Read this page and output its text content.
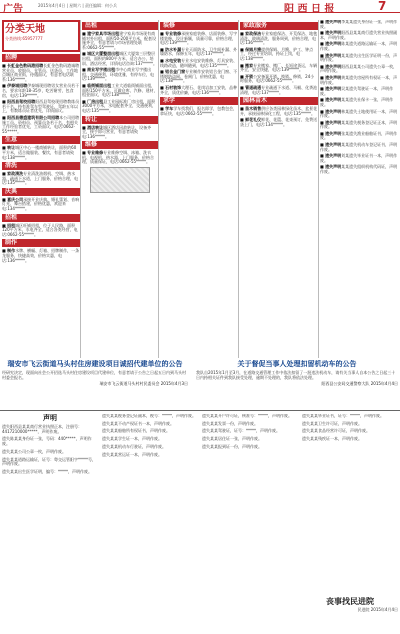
广告	2015年4月4日 | 星期六 | 责任编辑：何小兵	阳 西 日 报	7
分类天地
分类热线:65957777
招聘
■ 长虹金色数码港招聘长虹金色数码港诚聘营业员、收银员、仓管员、送货员，工作地点城区商业街，待遇面议，有意者电话联系:136*****。
■ 伊泰城招聘伊泰城现招聘男女营业员若干名，要求年龄18-35岁，吃苦耐劳，包食宿，电话:139*****。
■ 阳西县驾校招聘阳西县驾校现招聘教练员若干名，持有准驾车型驾驶证，驾龄五年以上，有教练员证者优先，详情面议。
■ 阳西县德盛建筑有限公司招聘本公司招聘施工员、资料员、预算员各若干名，有相关工作经验者优先，工资面议，电话:0662-55*****。
生意
■ 转让城区中心一楼商铺转让，面积约60平方米，适合做服装、餐饮，有意者请致电:138*****。
清洗
■ 家政清洗专业清洗油烟机、空调、热水器，疏通下水道，上门服务，价格合理，电话:135*****。
庆典
■ 喜庆公司承接开业庆典、婚礼策划、音响灯光、舞台搭建，价格优惠，欢迎来电:134*****。
招租
■ 招租城区旺铺招租，位于人民路，面积120平方米，水电齐全，适合各类经营，电话:0662-55*****。
制作
■ 制作水牌、横幅、灯箱、招牌制作，一条龙服务，快捷高效，价格实惠，电话:136*****。
出租
■ 建宁家具市场出租建宁家具市场现有商铺对外出租，面积50-200平方米，配套设施齐全，有意者请与市场管理处联系:0662-55*****。
■ 城区大厦整层出租城区大厦第三层整层出租，面积约800平方米，适合办公、培训、酒店经营，详情电话咨询:137*****。
■ 商业写字楼出租市中心商业写字楼出租，交通便利，环境优雅，有停车位，电话:139*****。
■ 临街铺面出租工业大道临街铺面出租，面积150平方米，可做仓库、汽修、建材，租金面议，电话:138*****。
■ 厂房出租县工业园标准厂房出租，面积3000平方米，水电配套齐全，交通便利，电话:135*****。
转让
■ 酒店转让城区酒店因故转让，设备齐全，接手即可营业，有意者请致电:136*****。
维修
■ 专业维修专业维修空调、冰箱、洗衣机、电视机、热水器，上门服务，价格合理，质量保证，电话:0662-55*****。
装修
■ 专业装修承接家庭装修、店面装修、写字楼装修，设计新颖，质量可靠，价格合理，电话:139*****。
■ 防水补漏专业天面防水、卫生间补漏、外墙防水，保修五年，电话:137*****。
■ 水电安装专业水电安装维修、灯具安装、线路改造，随叫随到，电话:135*****。
■ 铝合金门窗专业制作安装铝合金门窗、不锈钢防盗网、卷闸门，价格优惠，电话:138*****。
■ 石材装饰大理石、花岗岩加工安装，品种齐全，质优价廉，电话:136*****。
求学
■ 学车学车找我们，报名即学，包教包会，拿证快，电话:0662-55*****。
家政服务
■ 家政保洁专业家庭保洁、开荒保洁、地毯清洗、玻璃清洗，服务周到，价格合理，电话:136*****。
■ 保姆月嫂提供保姆、月嫂、护工、钟点工，经过专业培训，持证上岗，电话:138*****。
■ 搬家专业搬家、搬厂、长短途货运，车辆齐全，安全快捷，电话:139*****。
■ 开锁公安备案开锁、换锁、修锁，24小时服务，电话:0662-55*****。
■ 管道疏通专业疏通下水道、马桶、化粪池清理，电话:137*****。
园林苗木
■ 苗木销售供应各类园林绿化苗木、盆景花卉，承接园林绿化工程，电话:135*****。
■ 鲜花礼仪鲜花、花篮、花束预订，免费送货上门，电话:134*****。
■ 遗失声明李某某遗失身份证一张，声明作废。
■ 遗失声明阳西县某某商行遗失营业执照副本，声明作废。
■ 遗失声明陈某遗失道路运输证一本，声明作废。
■ 遗失声明某某遗失出生医学证明一份，声明作废。
■ 遗失声明阳西县某某公司遗失公章一枚，声明作废。
■ 遗失声明黄某遗失房屋所有权证一本，声明作废。
■ 遗失声明吴某遗失驾驶证一本，声明作废。
■ 遗失声明某某遗失社保卡一张，声明作废。
■ 遗失声明林某遗失土地使用证一本，声明作废。
■ 遗失声明某某遗失税务登记证正本，声明作废。
■ 遗失声明张某遗失渔业船舶证书，声明作废。
■ 遗失声明某某遗失机动车登记证书，声明作废。
■ 遗失声明刘某遗失毕业证书一本，声明作废。
■ 遗失声明某某遗失组织机构代码证，声明作废。
瑞安市飞云街道马头村住房建设项目诚招代建单位的公告
经研究决定，现面向社会公开招选马头村住房建设项目代建单位，有意者请于公告之日起五日内到马头村村委会报名。
瑞安市飞云街道马头村村民委员会 2015年4月3日
关于督促当事人处理扣留机动车的公告
我队自2015年1月至3月，在道路交通管理工作中依法扣留了一批违法机动车，请有关当事人自本公告之日起三十日内持相关证件到我队接受处理，逾期不处理的，我队将依法处理。
阳西县公安局交通警察大队 2015年4月4日
声明

遗失阳西县某某商行营业执照正本，注册号：4417210000*****，声明作废。

遗失陈某某身份证一张，号码：440*****，声明作废。

遗失某某公司公章一枚，声明作废。

遗失某某道路运输证，证号：粤交运管阳字*****号，声明作废。

遗失某某出生医学证明，编号：*****，声明作废。

遗失某某税务登记证副本，税号：*****，声明作废。

遗失某某不动产权证书一本，声明作废。

遗失某某船舶所有权证书，声明作废。

遗失某某学生证一本，声明作废。

遗失某某机动车行驶证，声明作废。

遗失某某营运证一本，声明作废。

遗失某某开户许可证，核准号：*****，声明作废。

遗失某某发票一份，声明作废。

遗失某某驾驶证，证号：*****，声明作废。

遗失某某居住证一张，声明作废。

遗失某某报到证一份，声明作废。

遗失某某毕业证书，证号：*****，声明作废。

遗失某某卫生许可证，声明作废。

遗失某某食品经营许可证，声明作废。

遗失某某残疾证一本，声明作废。

丧事找民进院
民进院 2015年4月4日
